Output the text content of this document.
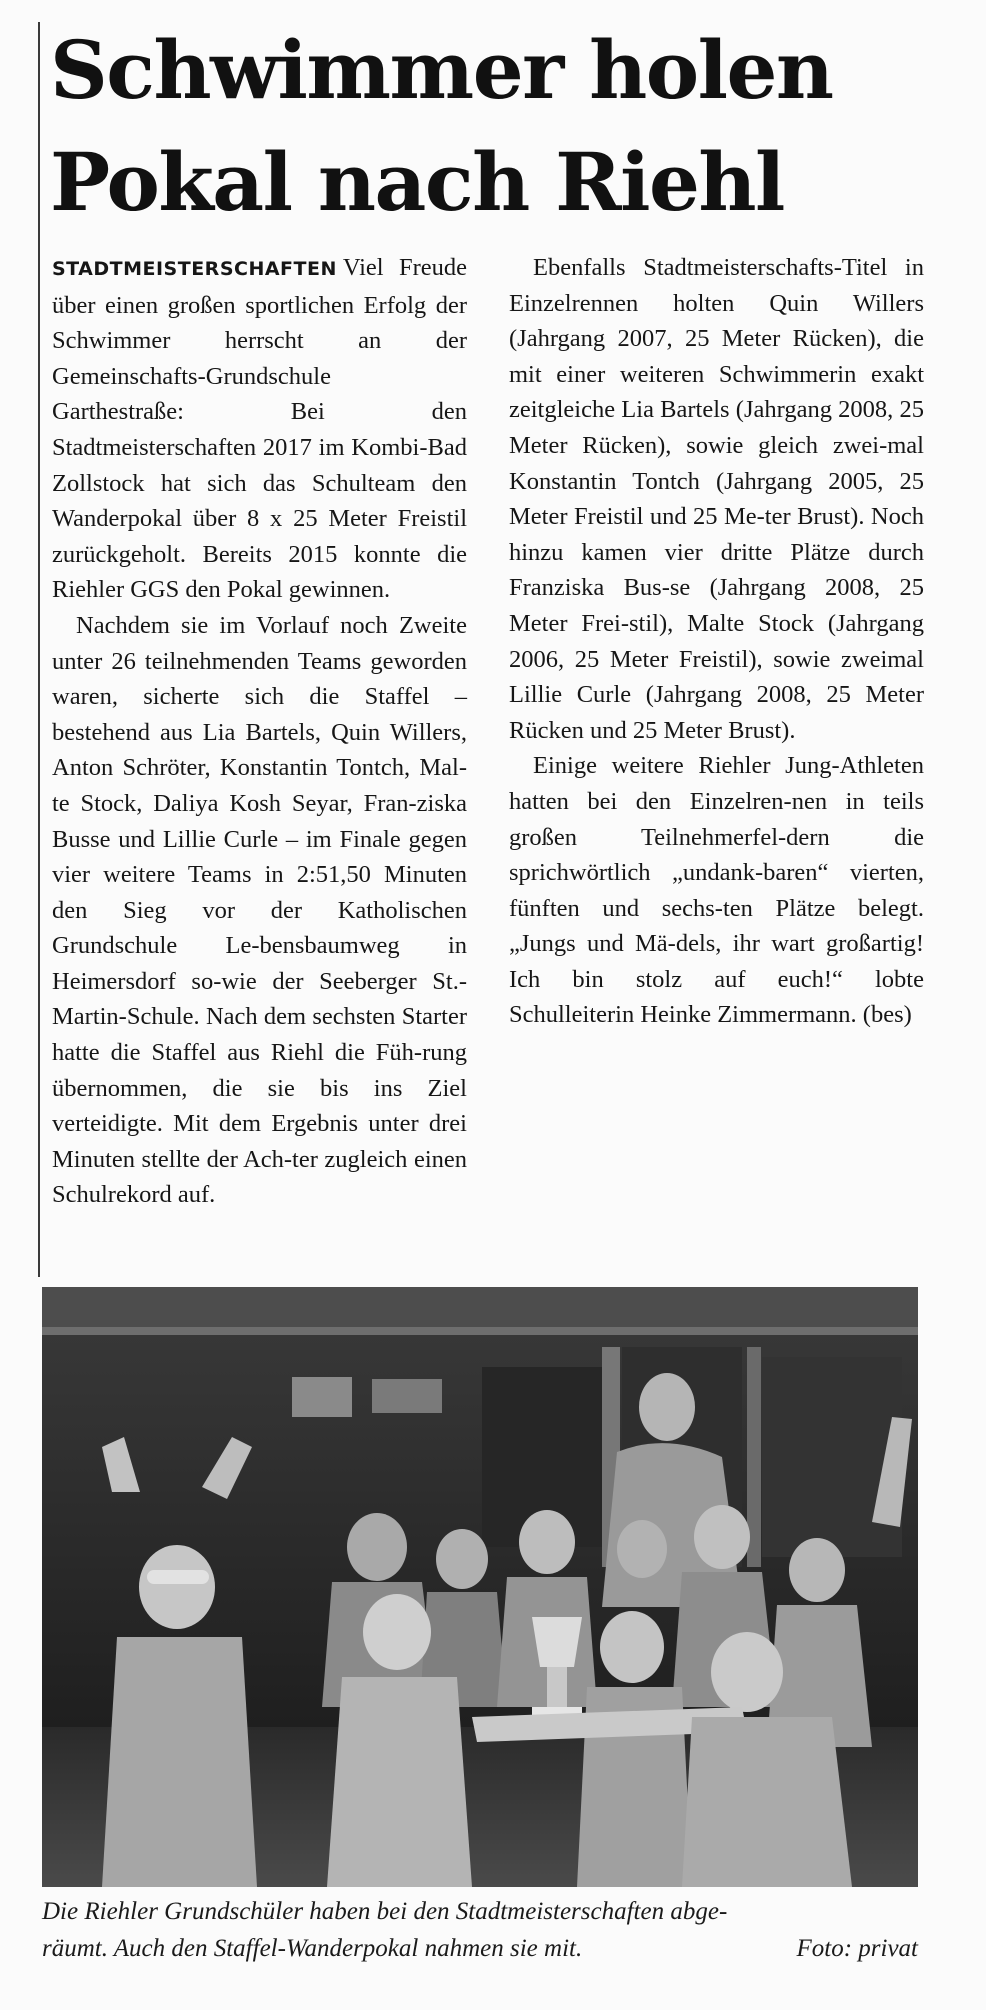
Schwimmer holen
Pokal nach Riehl

STADTMEISTERSCHAFTEN Viel Freude über einen großen sportlichen Erfolg der Schwimmer herrscht an der Gemeinschafts-Grundschule Garthestraße: Bei den Stadtmeisterschaften 2017 im Kombi-Bad Zollstock hat sich das Schulteam den Wanderpokal über 8 x 25 Meter Freistil zurückgeholt. Bereits 2015 konnte die Riehler GGS den Pokal gewinnen.

Nachdem sie im Vorlauf noch Zweite unter 26 teilnehmenden Teams geworden waren, sicherte sich die Staffel – bestehend aus Lia Bartels, Quin Willers, Anton Schröter, Konstantin Tontch, Mal-te Stock, Daliya Kosh Seyar, Fran-ziska Busse und Lillie Curle – im Finale gegen vier weitere Teams in 2:51,50 Minuten den Sieg vor der Katholischen Grundschule Le-bensbaumweg in Heimersdorf so-wie der Seeberger St.-Martin-Schule. Nach dem sechsten Starter hatte die Staffel aus Riehl die Füh-rung übernommen, die sie bis ins Ziel verteidigte. Mit dem Ergebnis unter drei Minuten stellte der Ach-ter zugleich einen Schulrekord auf.

Ebenfalls Stadtmeisterschafts-Titel in Einzelrennen holten Quin Willers (Jahrgang 2007, 25 Meter Rücken), die mit einer weiteren Schwimmerin exakt zeitgleiche Lia Bartels (Jahrgang 2008, 25 Meter Rücken), sowie gleich zwei-mal Konstantin Tontch (Jahrgang 2005, 25 Meter Freistil und 25 Me-ter Brust). Noch hinzu kamen vier dritte Plätze durch Franziska Bus-se (Jahrgang 2008, 25 Meter Frei-stil), Malte Stock (Jahrgang 2006, 25 Meter Freistil), sowie zweimal Lillie Curle (Jahrgang 2008, 25 Meter Rücken und 25 Meter Brust).

Einige weitere Riehler Jung-Athleten hatten bei den Einzelren-nen in teils großen Teilnehmerfel-dern die sprichwörtlich „undank-baren“ vierten, fünften und sechs-ten Plätze belegt. „Jungs und Mä-dels, ihr wart großartig! Ich bin stolz auf euch!“ lobte Schulleiterin Heinke Zimmermann. (bes)

Die Riehler Grundschüler haben bei den Stadtmeisterschaften abge-
räumt. Auch den Staffel-Wanderpokal nahmen sie mit.	Foto: privat
